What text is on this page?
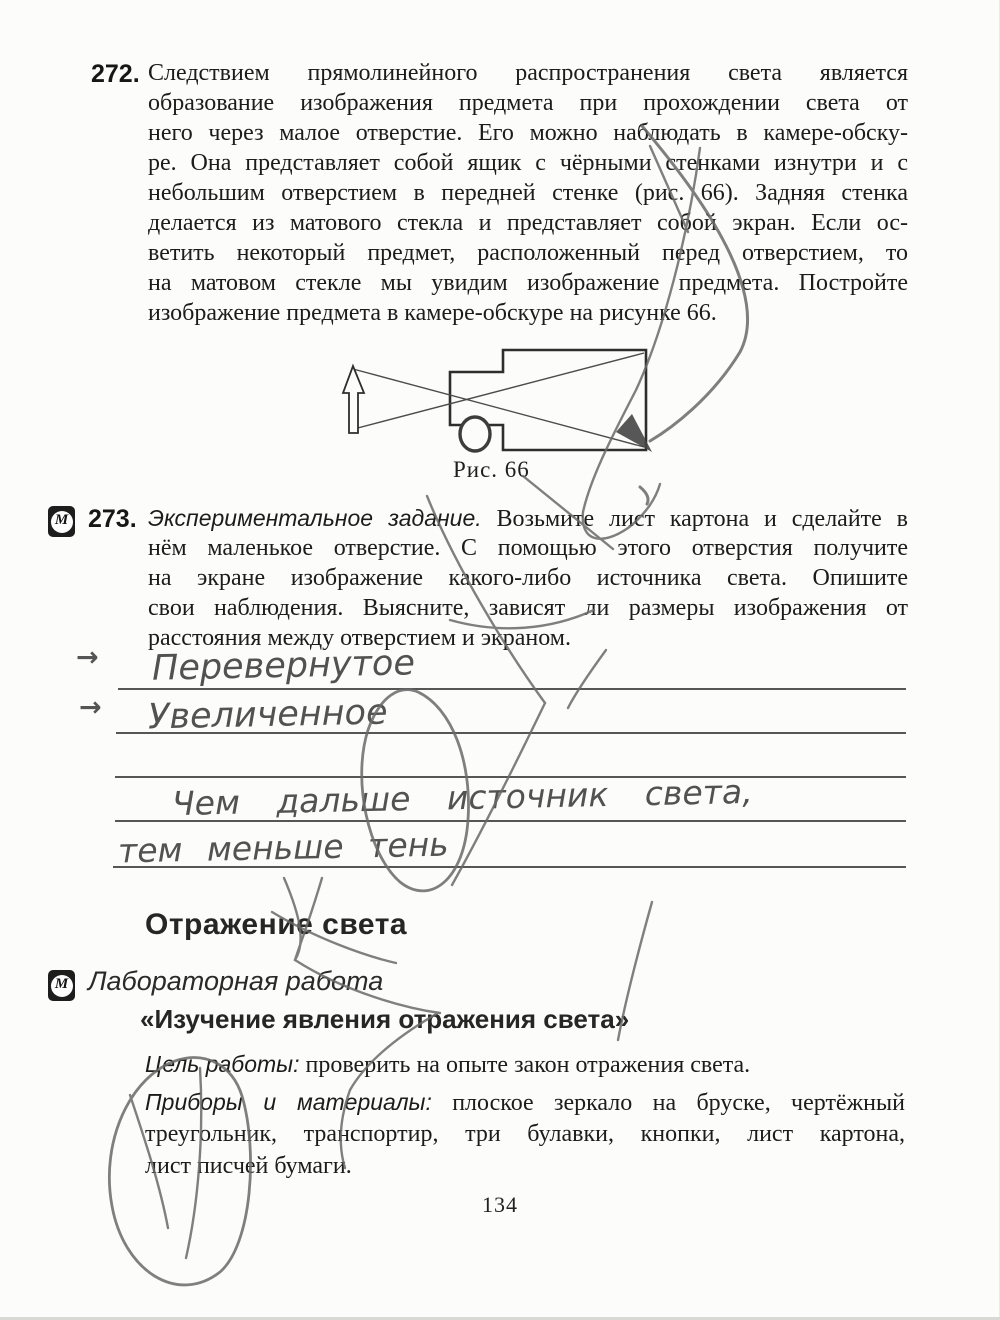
272. Следствием прямолинейного распространения света является
образование изображения предмета при прохождении света от
него через малое отверстие. Его можно наблюдать в камере-обску-
ре. Она представляет собой ящик с чёрными стенками изнутри и с
небольшим отверстием в передней стенке (рис. 66). Задняя стенка
делается из матового стекла и представляет собой экран. Если ос-
ветить некоторый предмет, расположенный перед отверстием, то
на матовом стекле мы увидим изображение предмета. Постройте
изображение предмета в камере-обскуре на рисунке 66.
Рис. 66
М 273. Экспериментальное задание. Возьмите лист картона и сделайте в
нём маленькое отверстие. С помощью этого отверстия получите
на экране изображение какого-либо источника света. Опишите
свои наблюдения. Выясните, зависят ли размеры изображения от
расстояния между отверстием и экраном.
→
→
Перевернутое
Увеличенное
Чем дальше источник света,
тем меньше тень
Отражение света
М Лабораторная работа
«Изучение явления отражения света»
Цель работы: проверить на опыте закон отражения света.
Приборы и материалы: плоское зеркало на бруске, чертёжный
треугольник, транспортир, три булавки, кнопки, лист картона,
лист писчей бумаги.
134
